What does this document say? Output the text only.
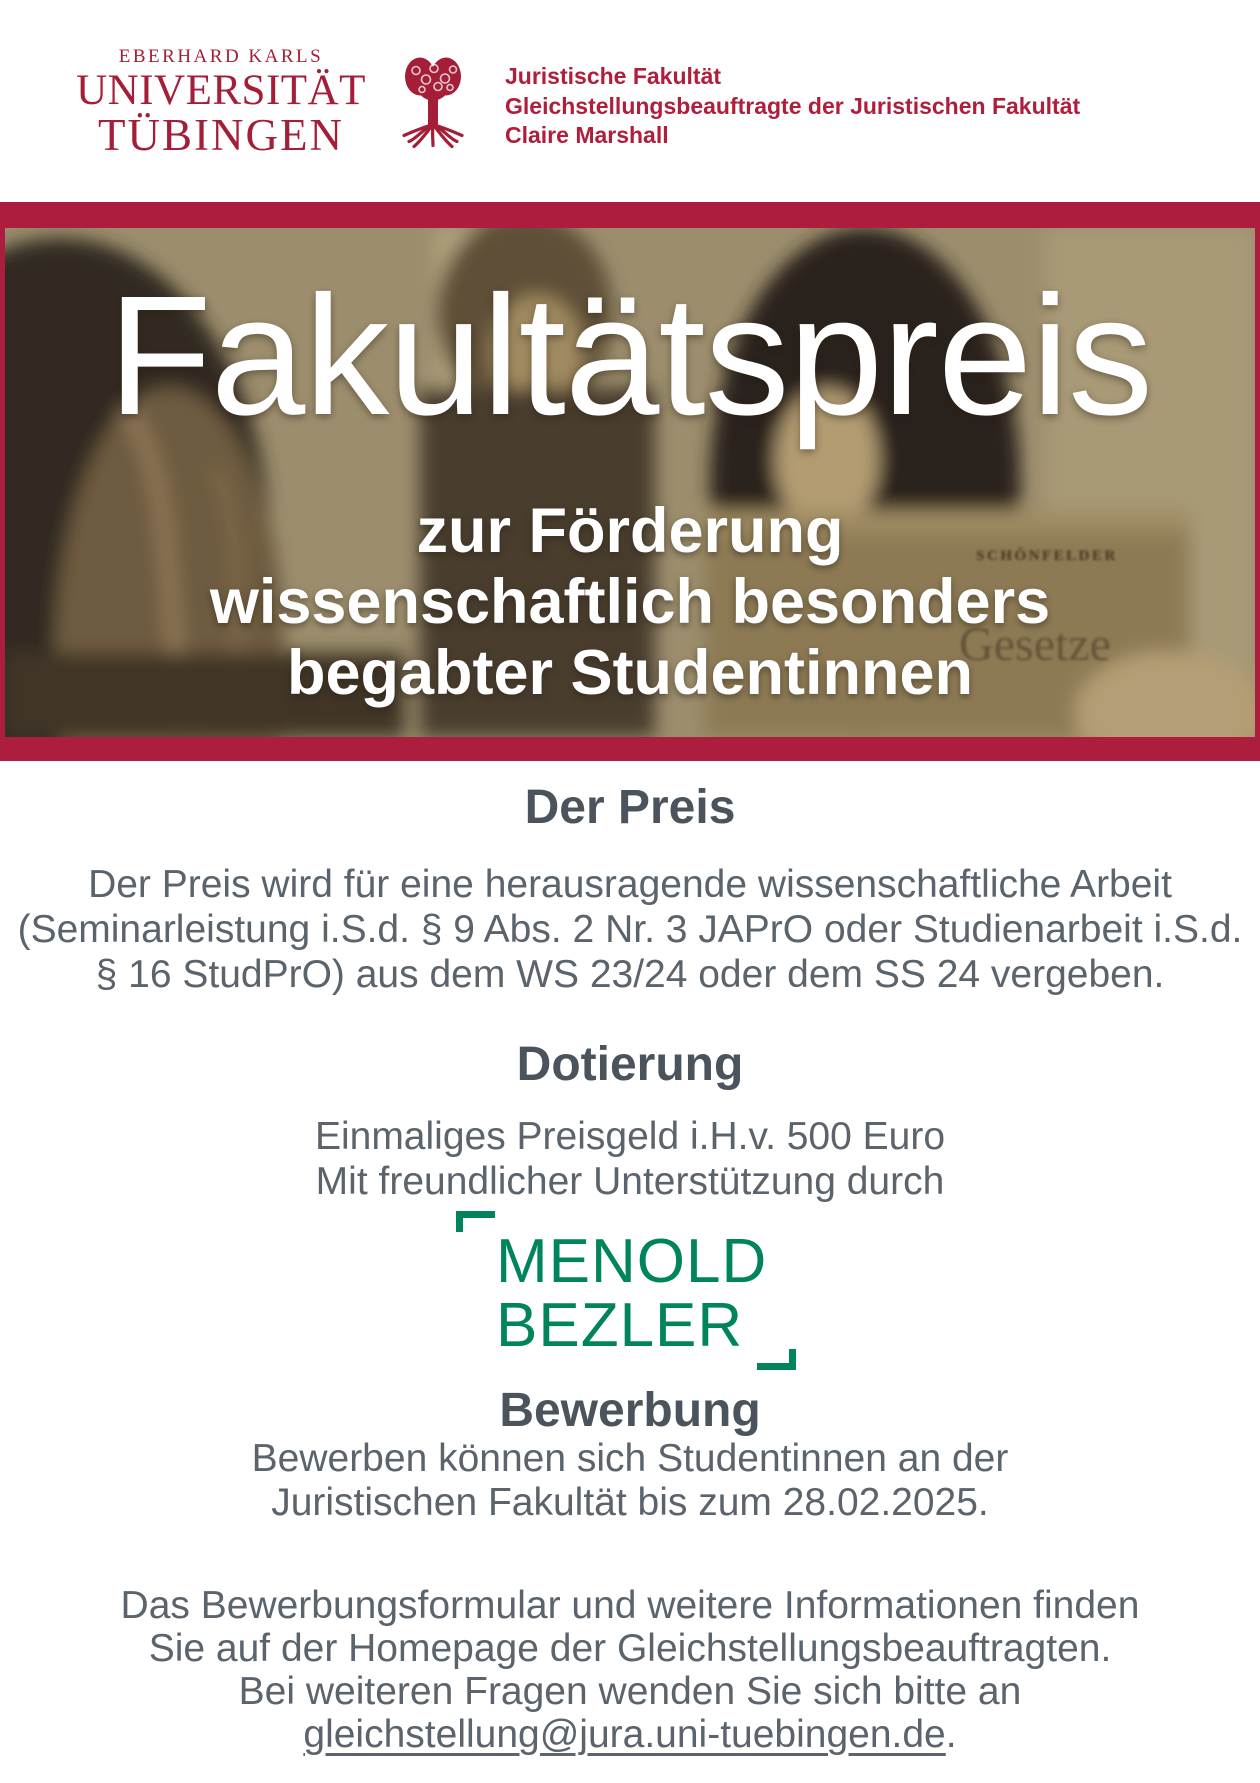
EBERHARD KARLS
UNIVERSITÄT
TÜBINGEN
Juristische Fakultät
Gleichstellungsbeauftragte der Juristischen Fakultät
Claire Marshall
SCHÖNFELDER
Gesetze
Fakultätspreis
zur Förderung
wissenschaftlich besonders
begabter Studentinnen
Der Preis
Der Preis wird für eine herausragende wissenschaftliche Arbeit
(Seminarleistung i.S.d. § 9 Abs. 2 Nr. 3 JAPrO oder Studienarbeit i.S.d.
§ 16 StudPrO) aus dem WS 23/24 oder dem SS 24 vergeben.
Dotierung
Einmaliges Preisgeld i.H.v. 500 Euro
Mit freundlicher Unterstützung durch
MENOLD
BEZLER
Bewerbung
Bewerben können sich Studentinnen an der
Juristischen Fakultät bis zum 28.02.2025.
Das Bewerbungsformular und weitere Informationen finden
Sie auf der Homepage der Gleichstellungsbeauftragten.
Bei weiteren Fragen wenden Sie sich bitte an
gleichstellung@jura.uni-tuebingen.de.
